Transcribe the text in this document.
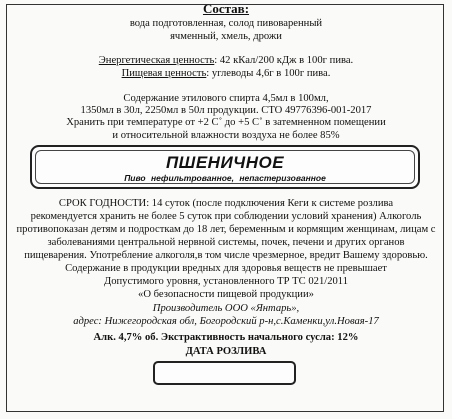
Состав:
вода подготовленная, солод пивоваренный
ячменный, хмель, дрожи
Энергетическая ценность: 42 кКал/200 кДж в 100г пива.
Пищевая ценность: углеводы 4,6г в 100г пива.
Содержание этилового спирта 4,5мл в 100мл,
1350мл в 30л, 2250мл в 50л продукции. СТО 49776396-001-2017
Хранить при температуре от +2 С˚ до +5 С˚ в затемненном помещении
и относительной влажности воздуха не более 85%
ПШЕНИЧНОЕ
Пиво нефильтрованное, непастеризованное
СРОК ГОДНОСТИ: 14 суток (после подключения Кеги к системе розлива
рекомендуется хранить не более 5 суток при соблюдении условий хранения) Алкоголь
противопоказан детям и подросткам до 18 лет, беременным и кормящим женщинам, лицам с
заболеваниями центральной нервной системы, почек, печени и других органов
пищеварения. Употребление алкоголя,в том числе чрезмерное, вредит Вашему здоровью.
Содержание в продукции вредных для здоровья веществ не превышает
Допустимого уровня, установленного ТР ТС 021/2011
«О безопасности пищевой продукции»
Производитель ООО «Янтарь»,
адрес: Нижегородская обл, Богородский р-н,с.Каменки,ул.Новая-17
Алк. 4,7% об. Экстрактивность начального сусла: 12%
ДАТА РОЗЛИВА
